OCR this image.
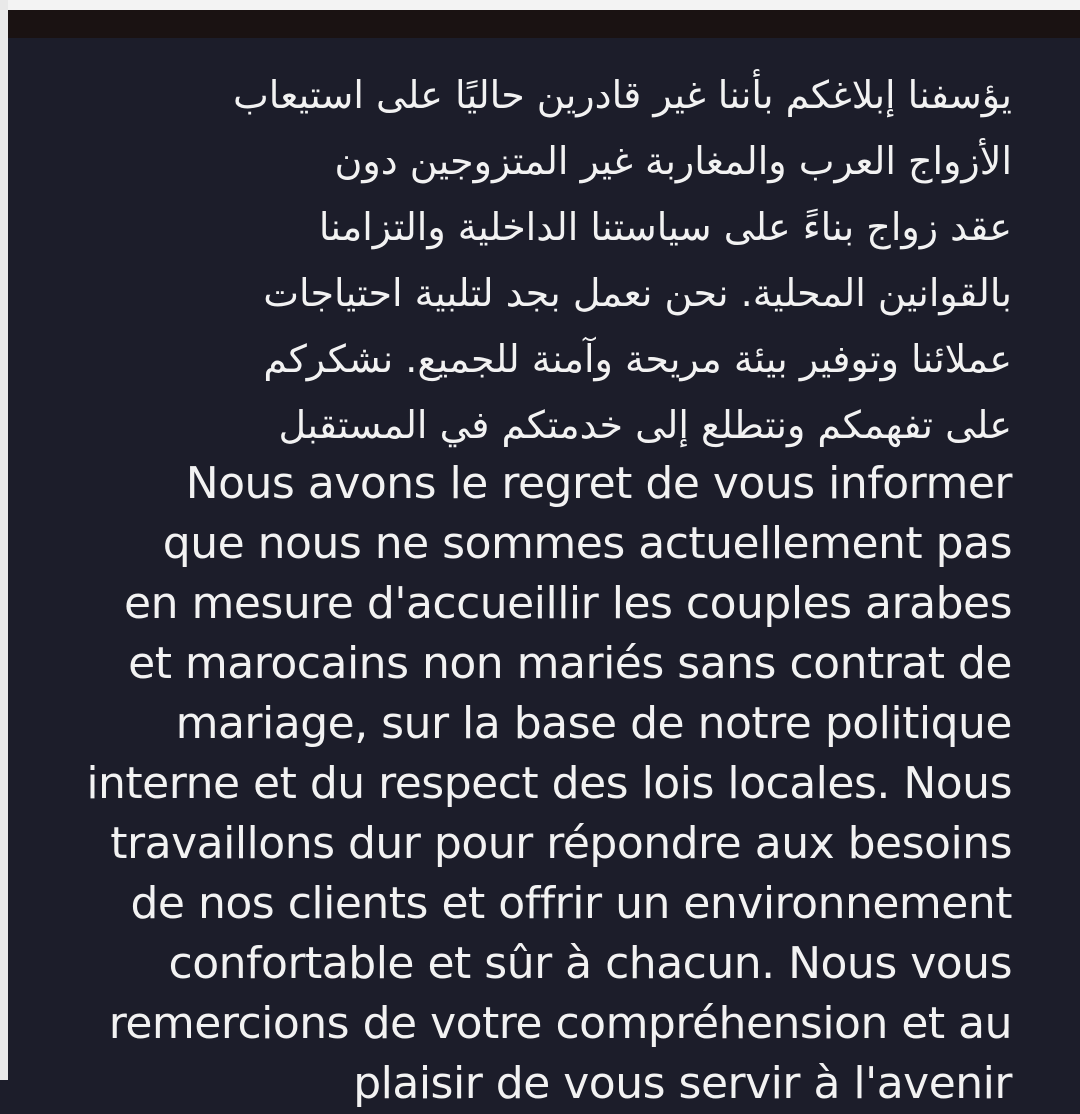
يؤسفنا إبلاغكم بأننا غير قادرين حاليًا على استيعاب
الأزواج العرب والمغاربة غير المتزوجين دون
عقد زواج بناءً على سياستنا الداخلية والتزامنا
بالقوانين المحلية. نحن نعمل بجد لتلبية احتياجات
عملائنا وتوفير بيئة مريحة وآمنة للجميع. نشكركم
على تفهمكم ونتطلع إلى خدمتكم في المستقبل
Nous avons le regret de vous informer
que nous ne sommes actuellement pas
en mesure d'accueillir les couples arabes
et marocains non mariés sans contrat de
mariage, sur la base de notre politique
interne et du respect des lois locales. Nous
travaillons dur pour répondre aux besoins
de nos clients et offrir un environnement
confortable et sûr à chacun. Nous vous
remercions de votre compréhension et au
plaisir de vous servir à l'avenir
